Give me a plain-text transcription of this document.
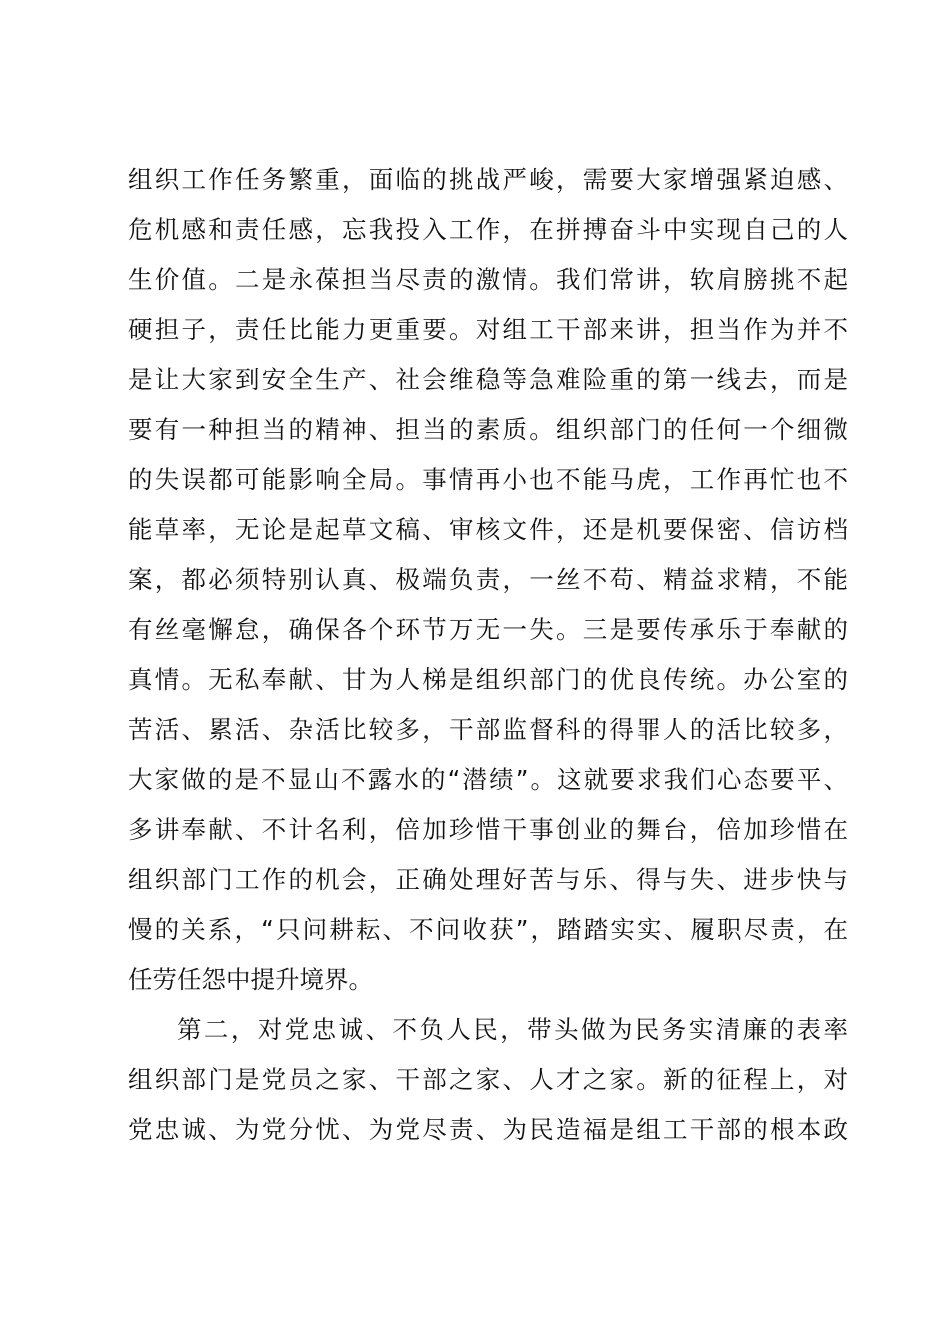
组织工作任务繁重，面临的挑战严峻，需要大家增强紧迫感、
危机感和责任感，忘我投入工作，在拼搏奋斗中实现自己的人
生价值。二是永葆担当尽责的激情。我们常讲，软肩膀挑不起
硬担子，责任比能力更重要。对组工干部来讲，担当作为并不
是让大家到安全生产、社会维稳等急难险重的第一线去，而是
要有一种担当的精神、担当的素质。组织部门的任何一个细微
的失误都可能影响全局。事情再小也不能马虎，工作再忙也不
能草率，无论是起草文稿、审核文件，还是机要保密、信访档
案，都必须特别认真、极端负责，一丝不苟、精益求精，不能
有丝毫懈怠，确保各个环节万无一失。三是要传承乐于奉献的
真情。无私奉献、甘为人梯是组织部门的优良传统。办公室的
苦活、累活、杂活比较多，干部监督科的得罪人的活比较多，
大家做的是不显山不露水的“潜绩”。这就要求我们心态要平、
多讲奉献、不计名利，倍加珍惜干事创业的舞台，倍加珍惜在
组织部门工作的机会，正确处理好苦与乐、得与失、进步快与
慢的关系，“只问耕耘、不问收获”，踏踏实实、履职尽责，在
任劳任怨中提升境界。
第二，对党忠诚、不负人民，带头做为民务实清廉的表率
组织部门是党员之家、干部之家、人才之家。新的征程上，对
党忠诚、为党分忧、为党尽责、为民造福是组工干部的根本政
